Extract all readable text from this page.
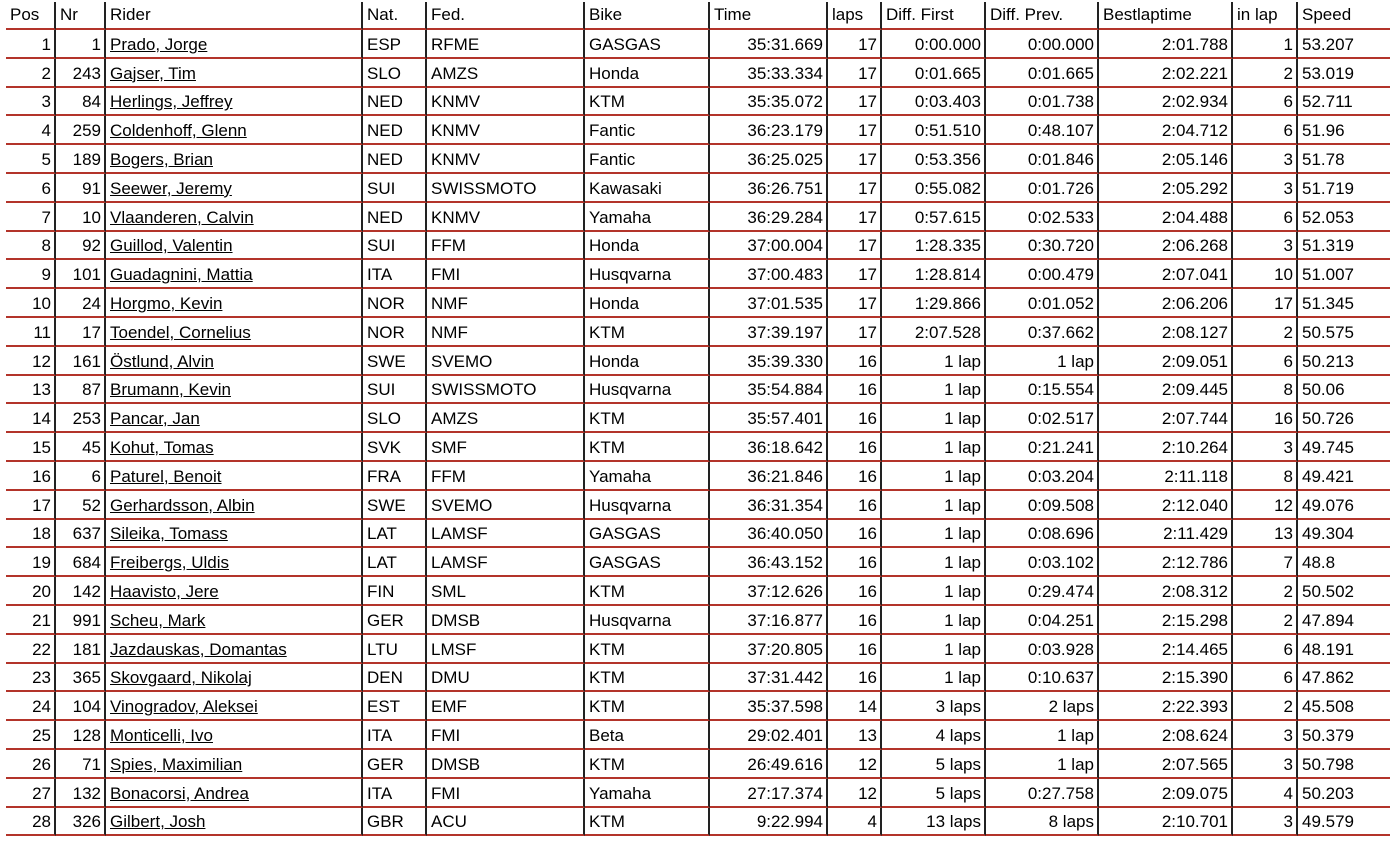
Pos	Nr	Rider	Nat.	Fed.	Bike	Time	laps	Diff. First	Diff. Prev.	Bestlaptime	in lap	Speed
1	1	Prado, Jorge	ESP	RFME	GASGAS	35:31.669	17	0:00.000	0:00.000	2:01.788	1	53.207
2	243	Gajser, Tim	SLO	AMZS	Honda	35:33.334	17	0:01.665	0:01.665	2:02.221	2	53.019
3	84	Herlings, Jeffrey	NED	KNMV	KTM	35:35.072	17	0:03.403	0:01.738	2:02.934	6	52.711
4	259	Coldenhoff, Glenn	NED	KNMV	Fantic	36:23.179	17	0:51.510	0:48.107	2:04.712	6	51.96
5	189	Bogers, Brian	NED	KNMV	Fantic	36:25.025	17	0:53.356	0:01.846	2:05.146	3	51.78
6	91	Seewer, Jeremy	SUI	SWISSMOTO	Kawasaki	36:26.751	17	0:55.082	0:01.726	2:05.292	3	51.719
7	10	Vlaanderen, Calvin	NED	KNMV	Yamaha	36:29.284	17	0:57.615	0:02.533	2:04.488	6	52.053
8	92	Guillod, Valentin	SUI	FFM	Honda	37:00.004	17	1:28.335	0:30.720	2:06.268	3	51.319
9	101	Guadagnini, Mattia	ITA	FMI	Husqvarna	37:00.483	17	1:28.814	0:00.479	2:07.041	10	51.007
10	24	Horgmo, Kevin	NOR	NMF	Honda	37:01.535	17	1:29.866	0:01.052	2:06.206	17	51.345
11	17	Toendel, Cornelius	NOR	NMF	KTM	37:39.197	17	2:07.528	0:37.662	2:08.127	2	50.575
12	161	Östlund, Alvin	SWE	SVEMO	Honda	35:39.330	16	1 lap	1 lap	2:09.051	6	50.213
13	87	Brumann, Kevin	SUI	SWISSMOTO	Husqvarna	35:54.884	16	1 lap	0:15.554	2:09.445	8	50.06
14	253	Pancar, Jan	SLO	AMZS	KTM	35:57.401	16	1 lap	0:02.517	2:07.744	16	50.726
15	45	Kohut, Tomas	SVK	SMF	KTM	36:18.642	16	1 lap	0:21.241	2:10.264	3	49.745
16	6	Paturel, Benoit	FRA	FFM	Yamaha	36:21.846	16	1 lap	0:03.204	2:11.118	8	49.421
17	52	Gerhardsson, Albin	SWE	SVEMO	Husqvarna	36:31.354	16	1 lap	0:09.508	2:12.040	12	49.076
18	637	Sileika, Tomass	LAT	LAMSF	GASGAS	36:40.050	16	1 lap	0:08.696	2:11.429	13	49.304
19	684	Freibergs, Uldis	LAT	LAMSF	GASGAS	36:43.152	16	1 lap	0:03.102	2:12.786	7	48.8
20	142	Haavisto, Jere	FIN	SML	KTM	37:12.626	16	1 lap	0:29.474	2:08.312	2	50.502
21	991	Scheu, Mark	GER	DMSB	Husqvarna	37:16.877	16	1 lap	0:04.251	2:15.298	2	47.894
22	181	Jazdauskas, Domantas	LTU	LMSF	KTM	37:20.805	16	1 lap	0:03.928	2:14.465	6	48.191
23	365	Skovgaard, Nikolaj	DEN	DMU	KTM	37:31.442	16	1 lap	0:10.637	2:15.390	6	47.862
24	104	Vinogradov, Aleksei	EST	EMF	KTM	35:37.598	14	3 laps	2 laps	2:22.393	2	45.508
25	128	Monticelli, Ivo	ITA	FMI	Beta	29:02.401	13	4 laps	1 lap	2:08.624	3	50.379
26	71	Spies, Maximilian	GER	DMSB	KTM	26:49.616	12	5 laps	1 lap	2:07.565	3	50.798
27	132	Bonacorsi, Andrea	ITA	FMI	Yamaha	27:17.374	12	5 laps	0:27.758	2:09.075	4	50.203
28	326	Gilbert, Josh	GBR	ACU	KTM	9:22.994	4	13 laps	8 laps	2:10.701	3	49.579
